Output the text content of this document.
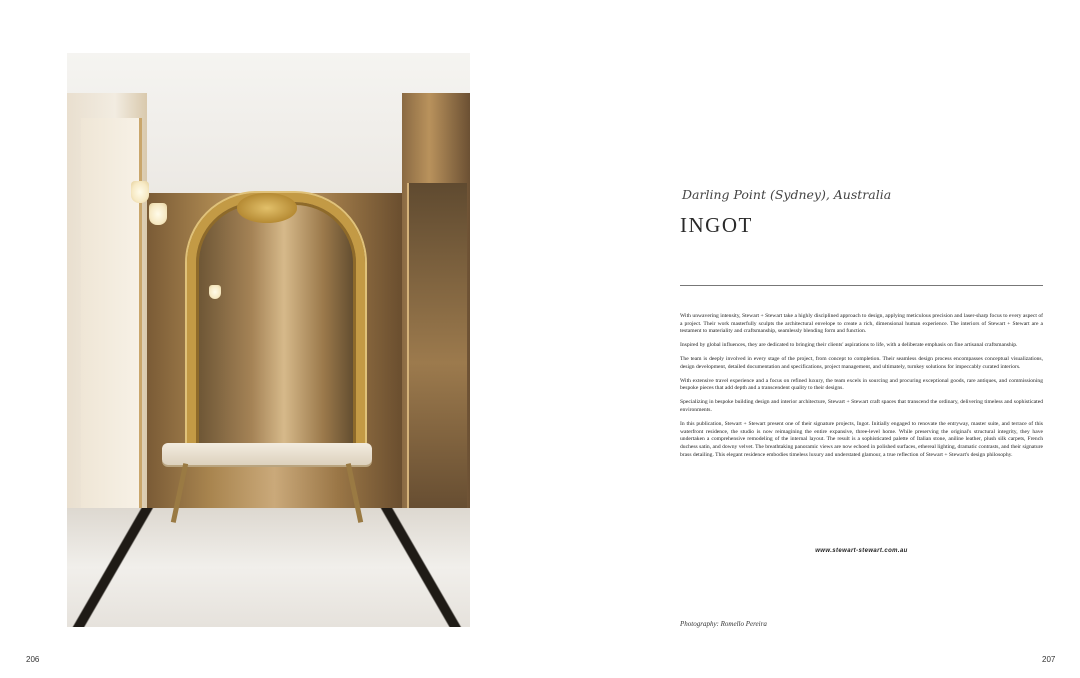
206	207
Darling Point (Sydney), Australia
INGOT

With unwavering intensity, Stewart + Stewart take a highly disciplined approach to design, applying meticulous precision and laser-sharp focus to every aspect of a project. Their work masterfully sculpts the architectural envelope to create a rich, dimensional human experience. The interiors of Stewart + Stewart are a testament to materiality and craftsmanship, seamlessly blending form and function.

Inspired by global influences, they are dedicated to bringing their clients' aspirations to life, with a deliberate emphasis on fine artisanal craftsmanship.

The team is deeply involved in every stage of the project, from concept to completion. Their seamless design process encompasses conceptual visualizations, design development, detailed documentation and specifications, project management, and ultimately, turnkey solutions for impeccably curated interiors.

With extensive travel experience and a focus on refined luxury, the team excels in sourcing and procuring exceptional goods, rare antiques, and commissioning bespoke pieces that add depth and a transcendent quality to their designs.

Specializing in bespoke building design and interior architecture, Stewart + Stewart craft spaces that transcend the ordinary, delivering timeless and sophisticated environments.

In this publication, Stewart + Stewart present one of their signature projects, Ingot. Initially engaged to renovate the entryway, master suite, and terrace of this waterfront residence, the studio is now reimagining the entire expansive, three-level home. While preserving the original's structural integrity, they have undertaken a comprehensive remodeling of the internal layout. The result is a sophisticated palette of Italian stone, aniline leather, plush silk carpets, French duchess satin, and downy velvet. The breathtaking panoramic views are now echoed in polished surfaces, ethereal lighting, dramatic contrasts, and their signature brass detailing. This elegant residence embodies timeless luxury and understated glamour, a true reflection of Stewart + Stewart's design philosophy.

www.stewart-stewart.com.au
Photography: Romello Pereira
